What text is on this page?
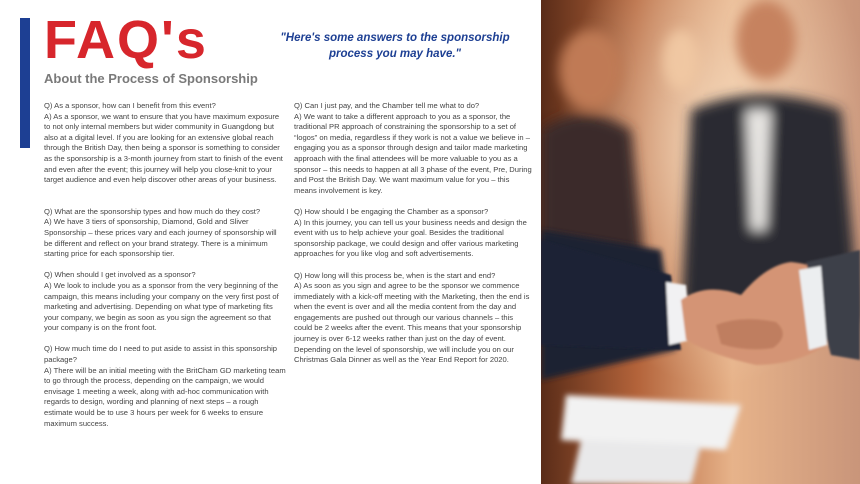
FAQ's
About the Process of Sponsorship

"Here's some answers to the sponsorship
process you may have."

Q) As a sponsor, how can I benefit from this event?

A) As a sponsor, we want to ensure that you have maximum exposure to not only internal members but wider community in Guangdong but also at a digital level. If you are looking for an extensive global reach through the British Day, then being a sponsor is something to consider as the sponsorship is a 3-month journey from start to finish of the event and even after the event; this journey will help you close-knit to your target audience and even help discover other areas of your business.

Q) What are the sponsorship types and how much do they cost?

A) We have 3 tiers of sponsorship, Diamond, Gold and Sliver Sponsorship – these prices vary and each journey of sponsorship will be different and reflect on your brand strategy. There is a minimum starting price for each sponsorship tier.

Q) When should I get involved as a sponsor?

A) We look to include you as a sponsor from the very beginning of the campaign, this means including your company on the very first post of marketing and advertising. Depending on what type of marketing fits your company, we begin as soon as you sign the agreement so that your company is on the front foot.

Q) How much time do I need to put aside to assist in this sponsorship package?

A) There will be an initial meeting with the BritCham GD marketing team to go through the process, depending on the campaign, we would envisage 1 meeting a week, along with ad-hoc communication with regards to design, wording and planning of next steps – a rough estimate would be to use 3 hours per week for 6 weeks to ensure maximum success.

Q) Can I just pay, and the Chamber tell me what to do?

A) We want to take a different approach to you as a sponsor, the traditional PR approach of constraining the sponsorship to a set of “logos” on media, regardless if they work is not a value we believe in – engaging you as a sponsor through design and tailor made marketing approach with the final attendees will be more valuable to you as a sponsor – this needs to happen at all 3 phase of the event, Pre, During and Post the British Day. We want maximum value for you – this means involvement is key.

Q) How should I be engaging the Chamber as a sponsor?

A) In this journey, you can tell us your business needs and design the event with us to help achieve your goal. Besides the traditional sponsorship package, we could design and offer various marketing approaches for you like vlog and soft advertisements.

Q) How long will this process be, when is the start and end?

A) As soon as you sign and agree to be the sponsor we commence immediately with a kick-off meeting with the Marketing, then the end is when the event is over and all the media content from the day and engagements are pushed out through our various channels – this could be 2 weeks after the event. This means that your sponsorship journey is over 6-12 weeks rather than just on the day of event. Depending on the level of sponsorship, we will include you on our Christmas Gala Dinner as well as the Year End Report for 2020.
